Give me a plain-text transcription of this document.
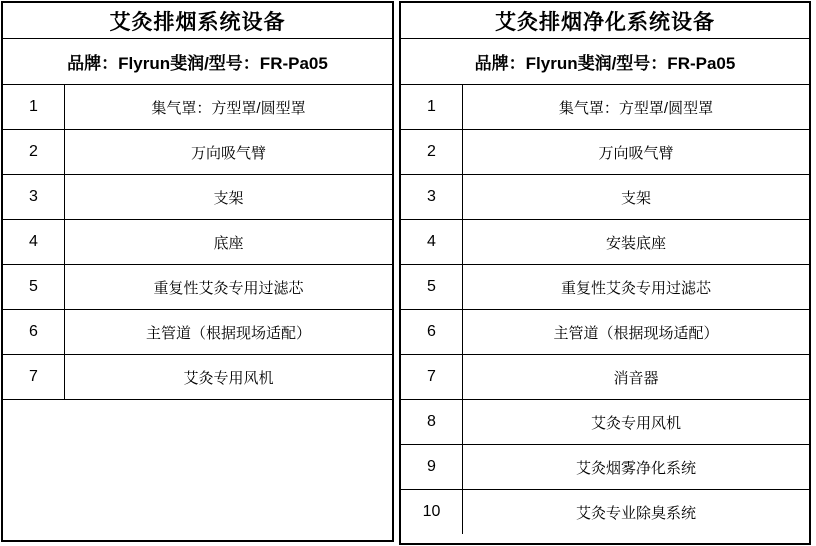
艾灸排烟系统设备
品牌：Flyrun斐润/型号：FR-Pa05
1	集气罩：方型罩/圆型罩
2	万向吸气臂
3	支架
4	底座
5	重复性艾灸专用过滤芯
6	主管道（根据现场适配）
7	艾灸专用风机
艾灸排烟净化系统设备
品牌：Flyrun斐润/型号：FR-Pa05
1	集气罩：方型罩/圆型罩
2	万向吸气臂
3	支架
4	安装底座
5	重复性艾灸专用过滤芯
6	主管道（根据现场适配）
7	消音器
8	艾灸专用风机
9	艾灸烟雾净化系统
10	艾灸专业除臭系统
